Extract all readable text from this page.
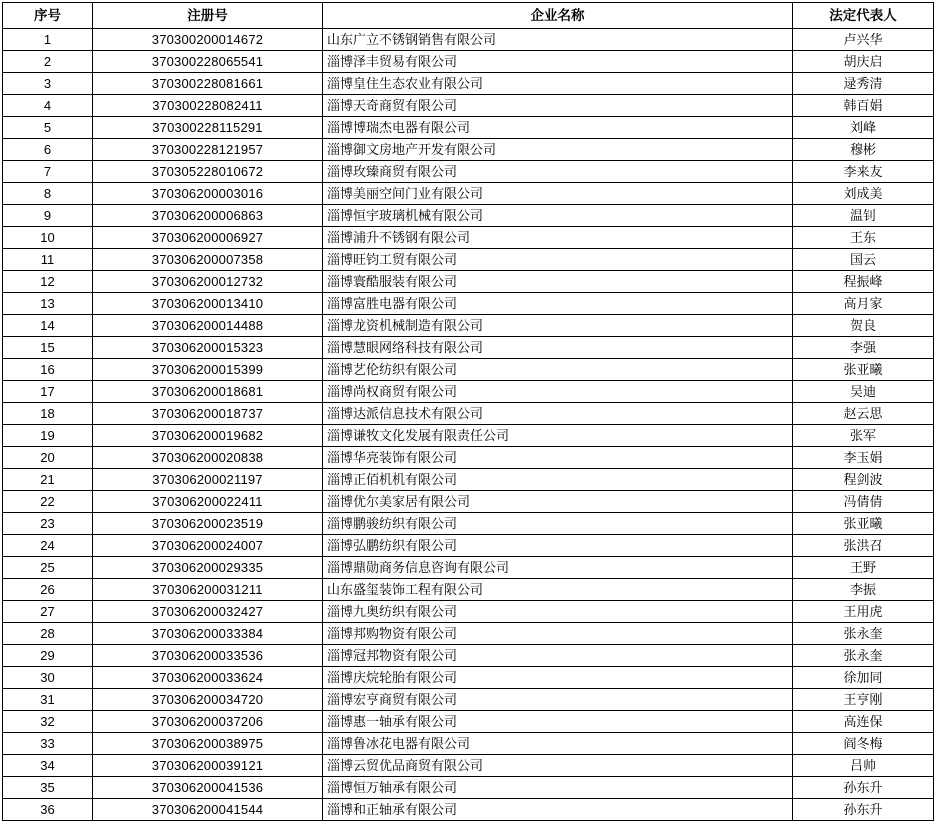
序号	注册号	企业名称	法定代表人
1	370300200014672	山东广立不锈钢销售有限公司	卢兴华
2	370300228065541	淄博泽丰贸易有限公司	胡庆启
3	370300228081661	淄博皇住生态农业有限公司	逯秀清
4	370300228082411	淄博天奇商贸有限公司	韩百娟
5	370300228115291	淄博博瑞杰电器有限公司	刘峰
6	370300228121957	淄博御文房地产开发有限公司	穆彬
7	370305228010672	淄博玫臻商贸有限公司	李来友
8	370306200003016	淄博美丽空间门业有限公司	刘成美
9	370306200006863	淄博恒宇玻璃机械有限公司	温钊
10	370306200006927	淄博浦升不锈钢有限公司	王东
11	370306200007358	淄博旺钧工贸有限公司	国云
12	370306200012732	淄博寰酷服装有限公司	程振峰
13	370306200013410	淄博富胜电器有限公司	高月家
14	370306200014488	淄博龙资机械制造有限公司	贺良
15	370306200015323	淄博慧眼网络科技有限公司	李强
16	370306200015399	淄博艺伦纺织有限公司	张亚曦
17	370306200018681	淄博尚权商贸有限公司	吴迪
18	370306200018737	淄博达派信息技术有限公司	赵云思
19	370306200019682	淄博谦牧文化发展有限责任公司	张军
20	370306200020838	淄博华亮装饰有限公司	李玉娟
21	370306200021197	淄博正佰机机有限公司	程剑波
22	370306200022411	淄博优尔美家居有限公司	冯倩倩
23	370306200023519	淄博鹏骏纺织有限公司	张亚曦
24	370306200024007	淄博弘鹏纺织有限公司	张洪召
25	370306200029335	淄博鼎勋商务信息咨询有限公司	王野
26	370306200031211	山东盛玺装饰工程有限公司	李振
27	370306200032427	淄博九奥纺织有限公司	王用虎
28	370306200033384	淄博邦购物资有限公司	张永奎
29	370306200033536	淄博冠邦物资有限公司	张永奎
30	370306200033624	淄博庆烷轮胎有限公司	徐加同
31	370306200034720	淄博宏亨商贸有限公司	王亨刚
32	370306200037206	淄博惠一轴承有限公司	高连保
33	370306200038975	淄博鲁冰花电器有限公司	阎冬梅
34	370306200039121	淄博云贸优品商贸有限公司	吕帅
35	370306200041536	淄博恒万轴承有限公司	孙东升
36	370306200041544	淄博和正轴承有限公司	孙东升
